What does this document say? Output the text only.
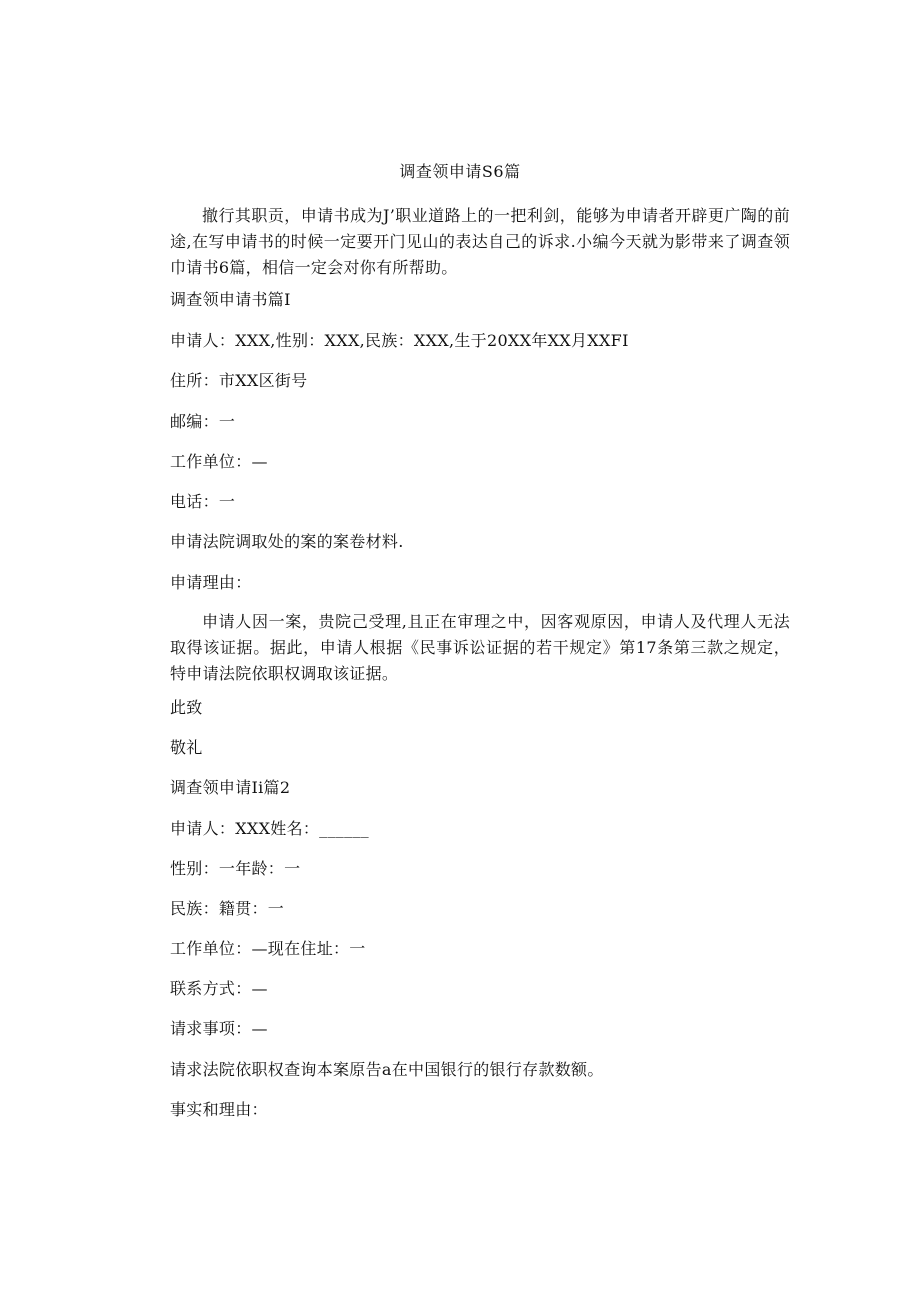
调查领申请S6篇

撤行其职贡，申请书成为J’职业道路上的一把利剑，能够为申请者开辟更广陶的前途,在写申请书的时候一定要开门见山的表达自己的诉求.小编今天就为影带来了调查领巾请书6篇，相信一定会对你有所帮助。

调查领申请书篇I
申请人：XXX,性别：XXX,民族：XXX,生于20XX年XX月XXFI
住所：市XX区街号
邮编：一
工作单位：—
电话：一
申请法院调取处的案的案卷材料.
申请理由：

申请人因一案，贵院己受理,且正在审理之中，因客观原因，申请人及代理人无法取得该证据。据此，申请人根据《民事诉讼证据的若干规定》第17条第三款之规定，特申请法院依职权调取该证据。

此致
敬礼
调查领申请Ii篇2
申请人：XXX姓名：______
性别：一年龄：一
民族：籍贯：一
工作单位：—现在住址：一
联系方式：—
请求事项：—
请求法院依职权查询本案原告a在中国银行的银行存款数额。
事实和理由：
